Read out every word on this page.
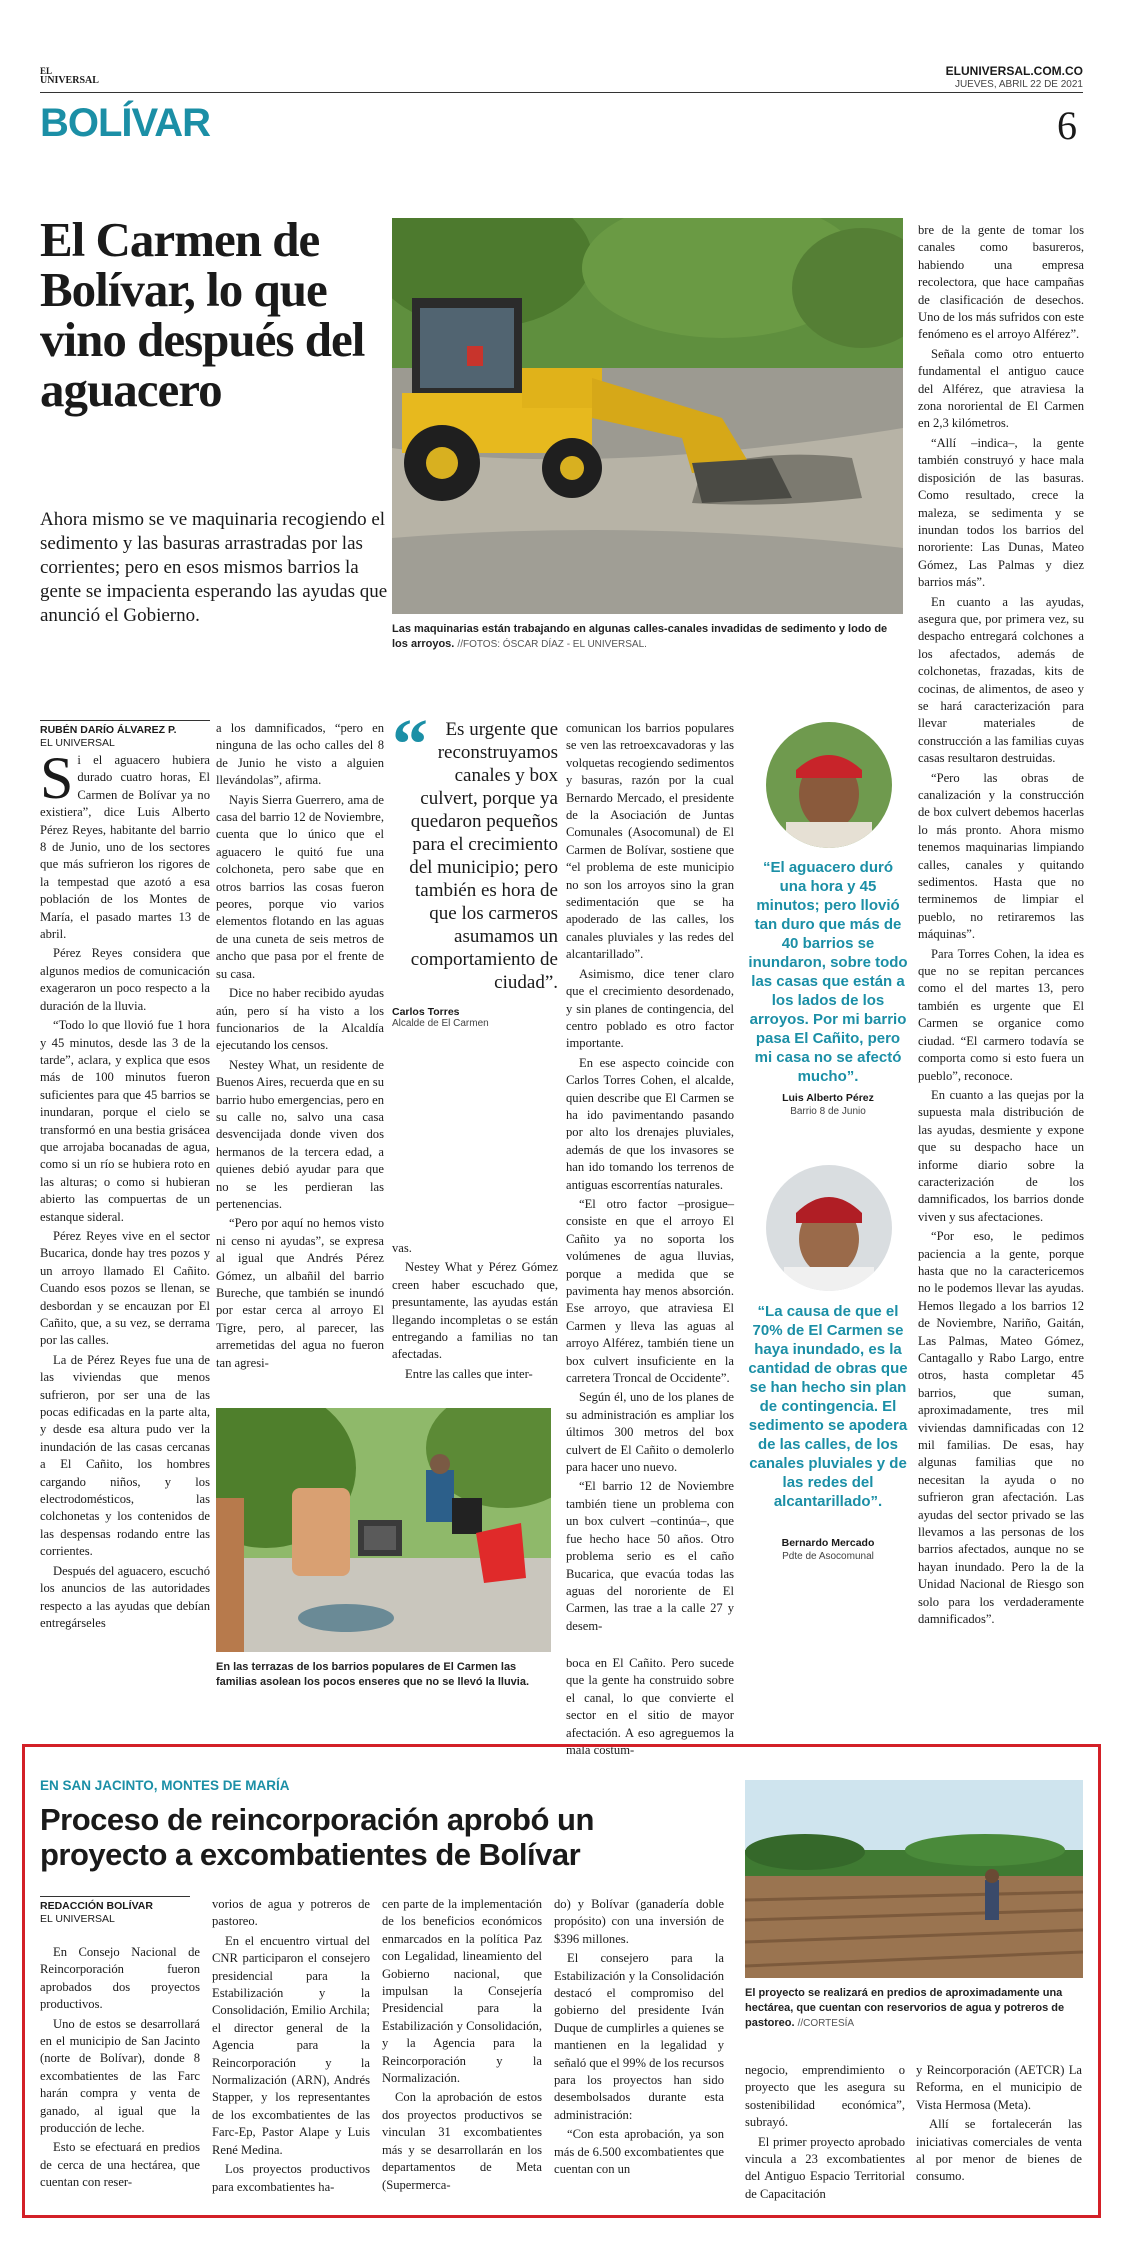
EL
UNIVERSAL
ELUNIVERSAL.COM.CO
JUEVES, ABRIL 22 DE 2021
BOLÍVAR	6
El Carmen de Bolívar, lo que vino después del aguacero
Ahora mismo se ve maquinaria recogiendo el sedimento y las basuras arrastradas por las corrientes; pero en esos mismos barrios la gente se impacienta esperando las ayudas que anunció el Gobierno.
Las maquinarias están trabajando en algunas calles-canales invadidas de sedimento y lodo de los arroyos. //FOTOS: ÓSCAR DÍAZ - EL UNIVERSAL.
RUBÉN DARÍO ÁLVAREZ P.
EL UNIVERSAL
S i el aguacero hubiera durado cuatro horas, El Carmen de Bolívar ya no existiera”, dice Luis Alberto Pérez Reyes, habitante del barrio 8 de Junio, uno de los sectores que más sufrieron los rigores de la tempestad que azotó a esa población de los Montes de María, el pasado martes 13 de abril.

Pérez Reyes considera que algunos medios de comunicación exageraron un poco respecto a la duración de la lluvia.

“Todo lo que llovió fue 1 hora y 45 minutos, desde las 3 de la tarde”, aclara, y explica que esos más de 100 minutos fueron suficientes para que 45 barrios se inundaran, porque el cielo se transformó en una bestia grisácea que arrojaba bocanadas de agua, como si un río se hubiera roto en las alturas; o como si hubieran abierto las compuertas de un estanque sideral.

Pérez Reyes vive en el sector Bucarica, donde hay tres pozos y un arroyo llamado El Cañito. Cuando esos pozos se llenan, se desbordan y se encauzan por El Cañito, que, a su vez, se derrama por las calles.

La de Pérez Reyes fue una de las viviendas que menos sufrieron, por ser una de las pocas edificadas en la parte alta, y desde esa altura pudo ver la inundación de las casas cercanas a El Cañito, los hombres cargando niños, y los electrodomésticos, las colchonetas y los contenidos de las despensas rodando entre las corrientes.

Después del aguacero, escuchó los anuncios de las autoridades respecto a las ayudas que debían entregárseles

a los damnificados, “pero en ninguna de las ocho calles del 8 de Junio he visto a alguien llevándolas”, afirma.

Nayis Sierra Guerrero, ama de casa del barrio 12 de Noviembre, cuenta que lo único que el aguacero le quitó fue una colchoneta, pero sabe que en otros barrios las cosas fueron peores, porque vio varios elementos flotando en las aguas de una cuneta de seis metros de ancho que pasa por el frente de su casa.

Dice no haber recibido ayudas aún, pero sí ha visto a los funcionarios de la Alcaldía ejecutando los censos.

Nestey What, un residente de Buenos Aires, recuerda que en su barrio hubo emergencias, pero en su calle no, salvo una casa desvencijada donde viven dos hermanos de la tercera edad, a quienes debió ayudar para que no se les perdieran las pertenencias.

“Pero por aquí no hemos visto ni censo ni ayudas”, se expresa al igual que Andrés Pérez Gómez, un albañil del barrio Bureche, que también se inundó por estar cerca al arroyo El Tigre, pero, al parecer, las arremetidas del agua no fueron tan agresi-

vas.

Nestey What y Pérez Gómez creen haber escuchado que, presuntamente, las ayudas están llegando incompletas o se están entregando a familias no tan afectadas.

Entre las calles que inter-

“ Es urgente que reconstruyamos canales y box culvert, porque ya quedaron pequeños para el crecimiento del municipio; pero también es hora de que los carmeros asumamos un comportamiento de ciudad”.
Carlos Torres
Alcalde de El Carmen

comunican los barrios populares se ven las retroexcavadoras y las volquetas recogiendo sedimentos y basuras, razón por la cual Bernardo Mercado, el presidente de la Asociación de Juntas Comunales (Asocomunal) de El Carmen de Bolívar, sostiene que “el problema de este municipio no son los arroyos sino la gran sedimentación que se ha apoderado de las calles, los canales pluviales y las redes del alcantarillado”.

Asimismo, dice tener claro que el crecimiento desordenado, y sin planes de contingencia, del centro poblado es otro factor importante.

En ese aspecto coincide con Carlos Torres Cohen, el alcalde, quien describe que El Carmen se ha ido pavimentando pasando por alto los drenajes pluviales, además de que los invasores se han ido tomando los terrenos de antiguas escorrentías naturales.

“El otro factor –prosigue– consiste en que el arroyo El Cañito ya no soporta los volúmenes de agua lluvias, porque a medida que se pavimenta hay menos absorción. Ese arroyo, que atraviesa El Carmen y lleva las aguas al arroyo Alférez, también tiene un box culvert insuficiente en la carretera Troncal de Occidente”.

Según él, uno de los planes de su administración es ampliar los últimos 300 metros del box culvert de El Cañito o demolerlo para hacer uno nuevo.

“El barrio 12 de Noviembre también tiene un problema con un box culvert –continúa–, que fue hecho hace 50 años. Otro problema serio es el caño Bucarica, que evacúa todas las aguas del nororiente de El Carmen, las trae a la calle 27 y desem-

En las terrazas de los barrios populares de El Carmen las familias asolean los pocos enseres que no se llevó la lluvia.

boca en El Cañito. Pero sucede que la gente ha construido sobre el canal, lo que convierte el sector en el sitio de mayor afectación. A eso agreguemos la mala costum-

“El aguacero duró una hora y 45 minutos; pero llovió tan duro que más de 40 barrios se inundaron, sobre todo las casas que están a los lados de los arroyos. Por mi barrio pasa El Cañito, pero mi casa no se afectó mucho”.
Luis Alberto Pérez
Barrio 8 de Junio
“La causa de que el 70% de El Carmen se haya inundado, es la cantidad de obras que se han hecho sin plan de contingencia. El sedimento se apodera de las calles, de los canales pluviales y de las redes del alcantarillado”.
Bernardo Mercado
Pdte de Asocomunal

bre de la gente de tomar los canales como basureros, habiendo una empresa recolectora, que hace campañas de clasificación de desechos. Uno de los más sufridos con este fenómeno es el arroyo Alférez”.

Señala como otro entuerto fundamental el antiguo cauce del Alférez, que atraviesa la zona nororiental de El Carmen en 2,3 kilómetros.

“Allí –indica–, la gente también construyó y hace mala disposición de las basuras. Como resultado, crece la maleza, se sedimenta y se inundan todos los barrios del nororiente: Las Dunas, Mateo Gómez, Las Palmas y diez barrios más”.

En cuanto a las ayudas, asegura que, por primera vez, su despacho entregará colchones a los afectados, además de colchonetas, frazadas, kits de cocinas, de alimentos, de aseo y se hará caracterización para llevar materiales de construcción a las familias cuyas casas resultaron destruidas.

“Pero las obras de canalización y la construcción de box culvert debemos hacerlas lo más pronto. Ahora mismo tenemos maquinarias limpiando calles, canales y quitando sedimentos. Hasta que no terminemos de limpiar el pueblo, no retiraremos las máquinas”.

Para Torres Cohen, la idea es que no se repitan percances como el del martes 13, pero también es urgente que El Carmen se organice como ciudad. “El carmero todavía se comporta como si esto fuera un pueblo”, reconoce.

En cuanto a las quejas por la supuesta mala distribución de las ayudas, desmiente y expone que su despacho hace un informe diario sobre la caracterización de los damnificados, los barrios donde viven y sus afectaciones.

“Por eso, le pedimos paciencia a la gente, porque hasta que no la caractericemos no le podemos llevar las ayudas. Hemos llegado a los barrios 12 de Noviembre, Nariño, Gaitán, Las Palmas, Mateo Gómez, Cantagallo y Rabo Largo, entre otros, hasta completar 45 barrios, que suman, aproximadamente, tres mil viviendas damnificadas con 12 mil familias. De esas, hay algunas familias que no necesitan la ayuda o no sufrieron gran afectación. Las ayudas del sector privado se las llevamos a las personas de los barrios afectados, aunque no se hayan inundado. Pero la de la Unidad Nacional de Riesgo son solo para los verdaderamente damnificados”.

EN SAN JACINTO, MONTES DE MARÍA
Proceso de reincorporación aprobó un proyecto a excombatientes de Bolívar
REDACCIÓN BOLÍVAR
EL UNIVERSAL

En Consejo Nacional de Reincorporación fueron aprobados dos proyectos productivos.

Uno de estos se desarrollará en el municipio de San Jacinto (norte de Bolívar), donde 8 excombatientes de las Farc harán compra y venta de ganado, al igual que la producción de leche.

Esto se efectuará en predios de cerca de una hectárea, que cuentan con reser-

vorios de agua y potreros de pastoreo.

En el encuentro virtual del CNR participaron el consejero presidencial para la Estabilización y la Consolidación, Emilio Archila; el director general de la Agencia para la Reincorporación y la Normalización (ARN), Andrés Stapper, y los representantes de los excombatientes de las Farc-Ep, Pastor Alape y Luis René Medina.

Los proyectos productivos para excombatientes ha-

cen parte de la implementación de los beneficios económicos enmarcados en la política Paz con Legalidad, lineamiento del Gobierno nacional, que impulsan la Consejería Presidencial para la Estabilización y Consolidación, y la Agencia para la Reincorporación y la Normalización.

Con la aprobación de estos dos proyectos productivos se vinculan 31 excombatientes más y se desarrollarán en los departamentos de Meta (Supermerca-

do) y Bolívar (ganadería doble propósito) con una inversión de $396 millones.

El consejero para la Estabilización y la Consolidación destacó el compromiso del gobierno del presidente Iván Duque de cumplirles a quienes se mantienen en la legalidad y señaló que el 99% de los recursos para los proyectos han sido desembolsados durante esta administración:

“Con esta aprobación, ya son más de 6.500 excombatientes que cuentan con un

El proyecto se realizará en predios de aproximadamente una hectárea, que cuentan con reservorios de agua y potreros de pastoreo. //CORTESÍA

negocio, emprendimiento o proyecto que les asegura su sostenibilidad económica”, subrayó.

El primer proyecto aprobado vincula a 23 excombatientes del Antiguo Espacio Territorial de Capacitación

y Reincorporación (AETCR) La Reforma, en el municipio de Vista Hermosa (Meta).

Allí se fortalecerán las iniciativas comerciales de venta al por menor de bienes de consumo.
